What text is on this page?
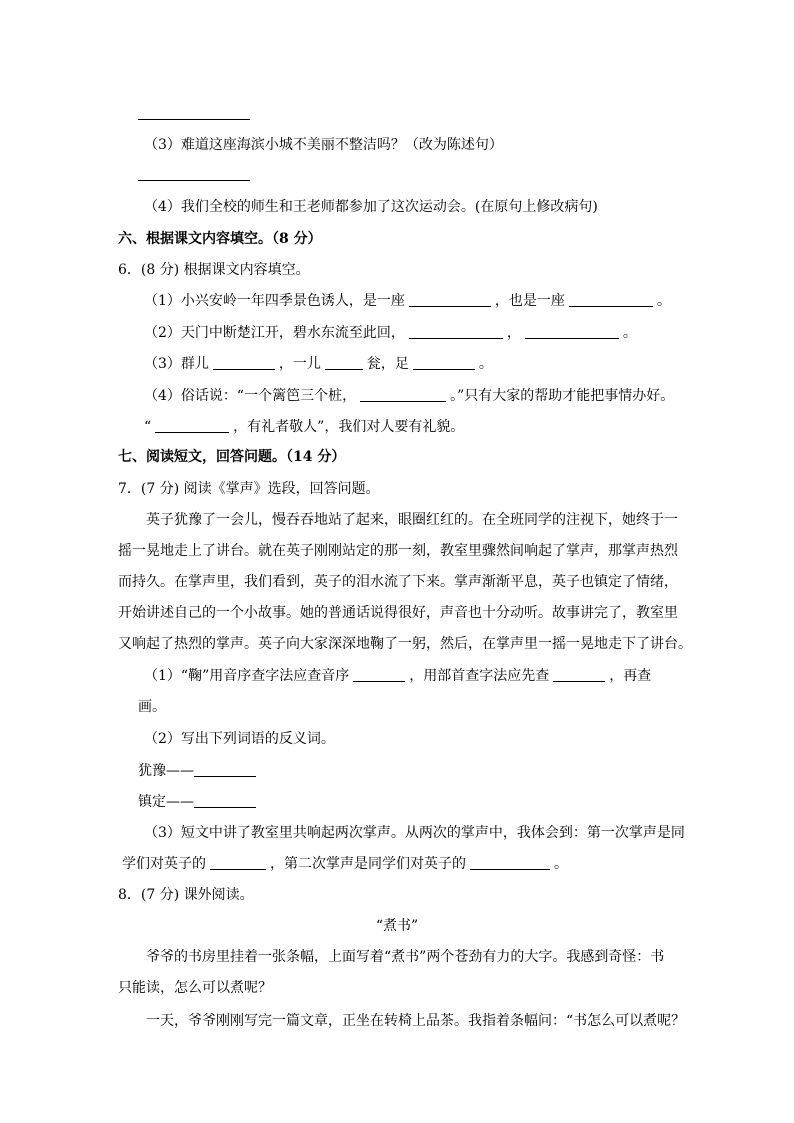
（3）难道这座海滨小城不美丽不整洁吗？（改为陈述句）
（4）我们全校的师生和王老师都参加了这次运动会。(在原句上修改病句)
六、根据课文内容填空。（8 分）
6．(8 分) 根据课文内容填空。
（1）小兴安岭一年四季景色诱人，是一座	，也是一座	。
（2）天门中断楚江开，碧水东流至此回，	，	。
（3）群儿	，一儿	瓮，足	。
（4）俗话说：“一个篱笆三个桩，	。”只有大家的帮助才能把事情办好。
“	，有礼者敬人”，我们对人要有礼貌。
七、阅读短文，回答问题。（14 分）
7．(7 分) 阅读《掌声》选段，回答问题。
英子犹豫了一会儿，慢吞吞地站了起来，眼圈红红的。在全班同学的注视下，她终于一
摇一晃地走上了讲台。就在英子刚刚站定的那一刻，教室里骤然间响起了掌声，那掌声热烈
而持久。在掌声里，我们看到，英子的泪水流了下来。掌声渐渐平息，英子也镇定了情绪，
开始讲述自己的一个小故事。她的普通话说得很好，声音也十分动听。故事讲完了，教室里
又响起了热烈的掌声。英子向大家深深地鞠了一躬，然后，在掌声里一摇一晃地走下了讲台。
（1）“鞠”用音序查字法应查音序	，用部首查字法应先查	，再查
画。
（2）写出下列词语的反义词。
犹豫——
镇定——
（3）短文中讲了教室里共响起两次掌声。从两次的掌声中，我体会到：第一次掌声是同
学们对英子的	，第二次掌声是同学们对英子的	。
8．(7 分) 课外阅读。
“煮书”
爷爷的书房里挂着一张条幅，上面写着“煮书”两个苍劲有力的大字。我感到奇怪：书
只能读，怎么可以煮呢？
一天，爷爷刚刚写完一篇文章，正坐在转椅上品茶。我指着条幅问：“书怎么可以煮呢？
